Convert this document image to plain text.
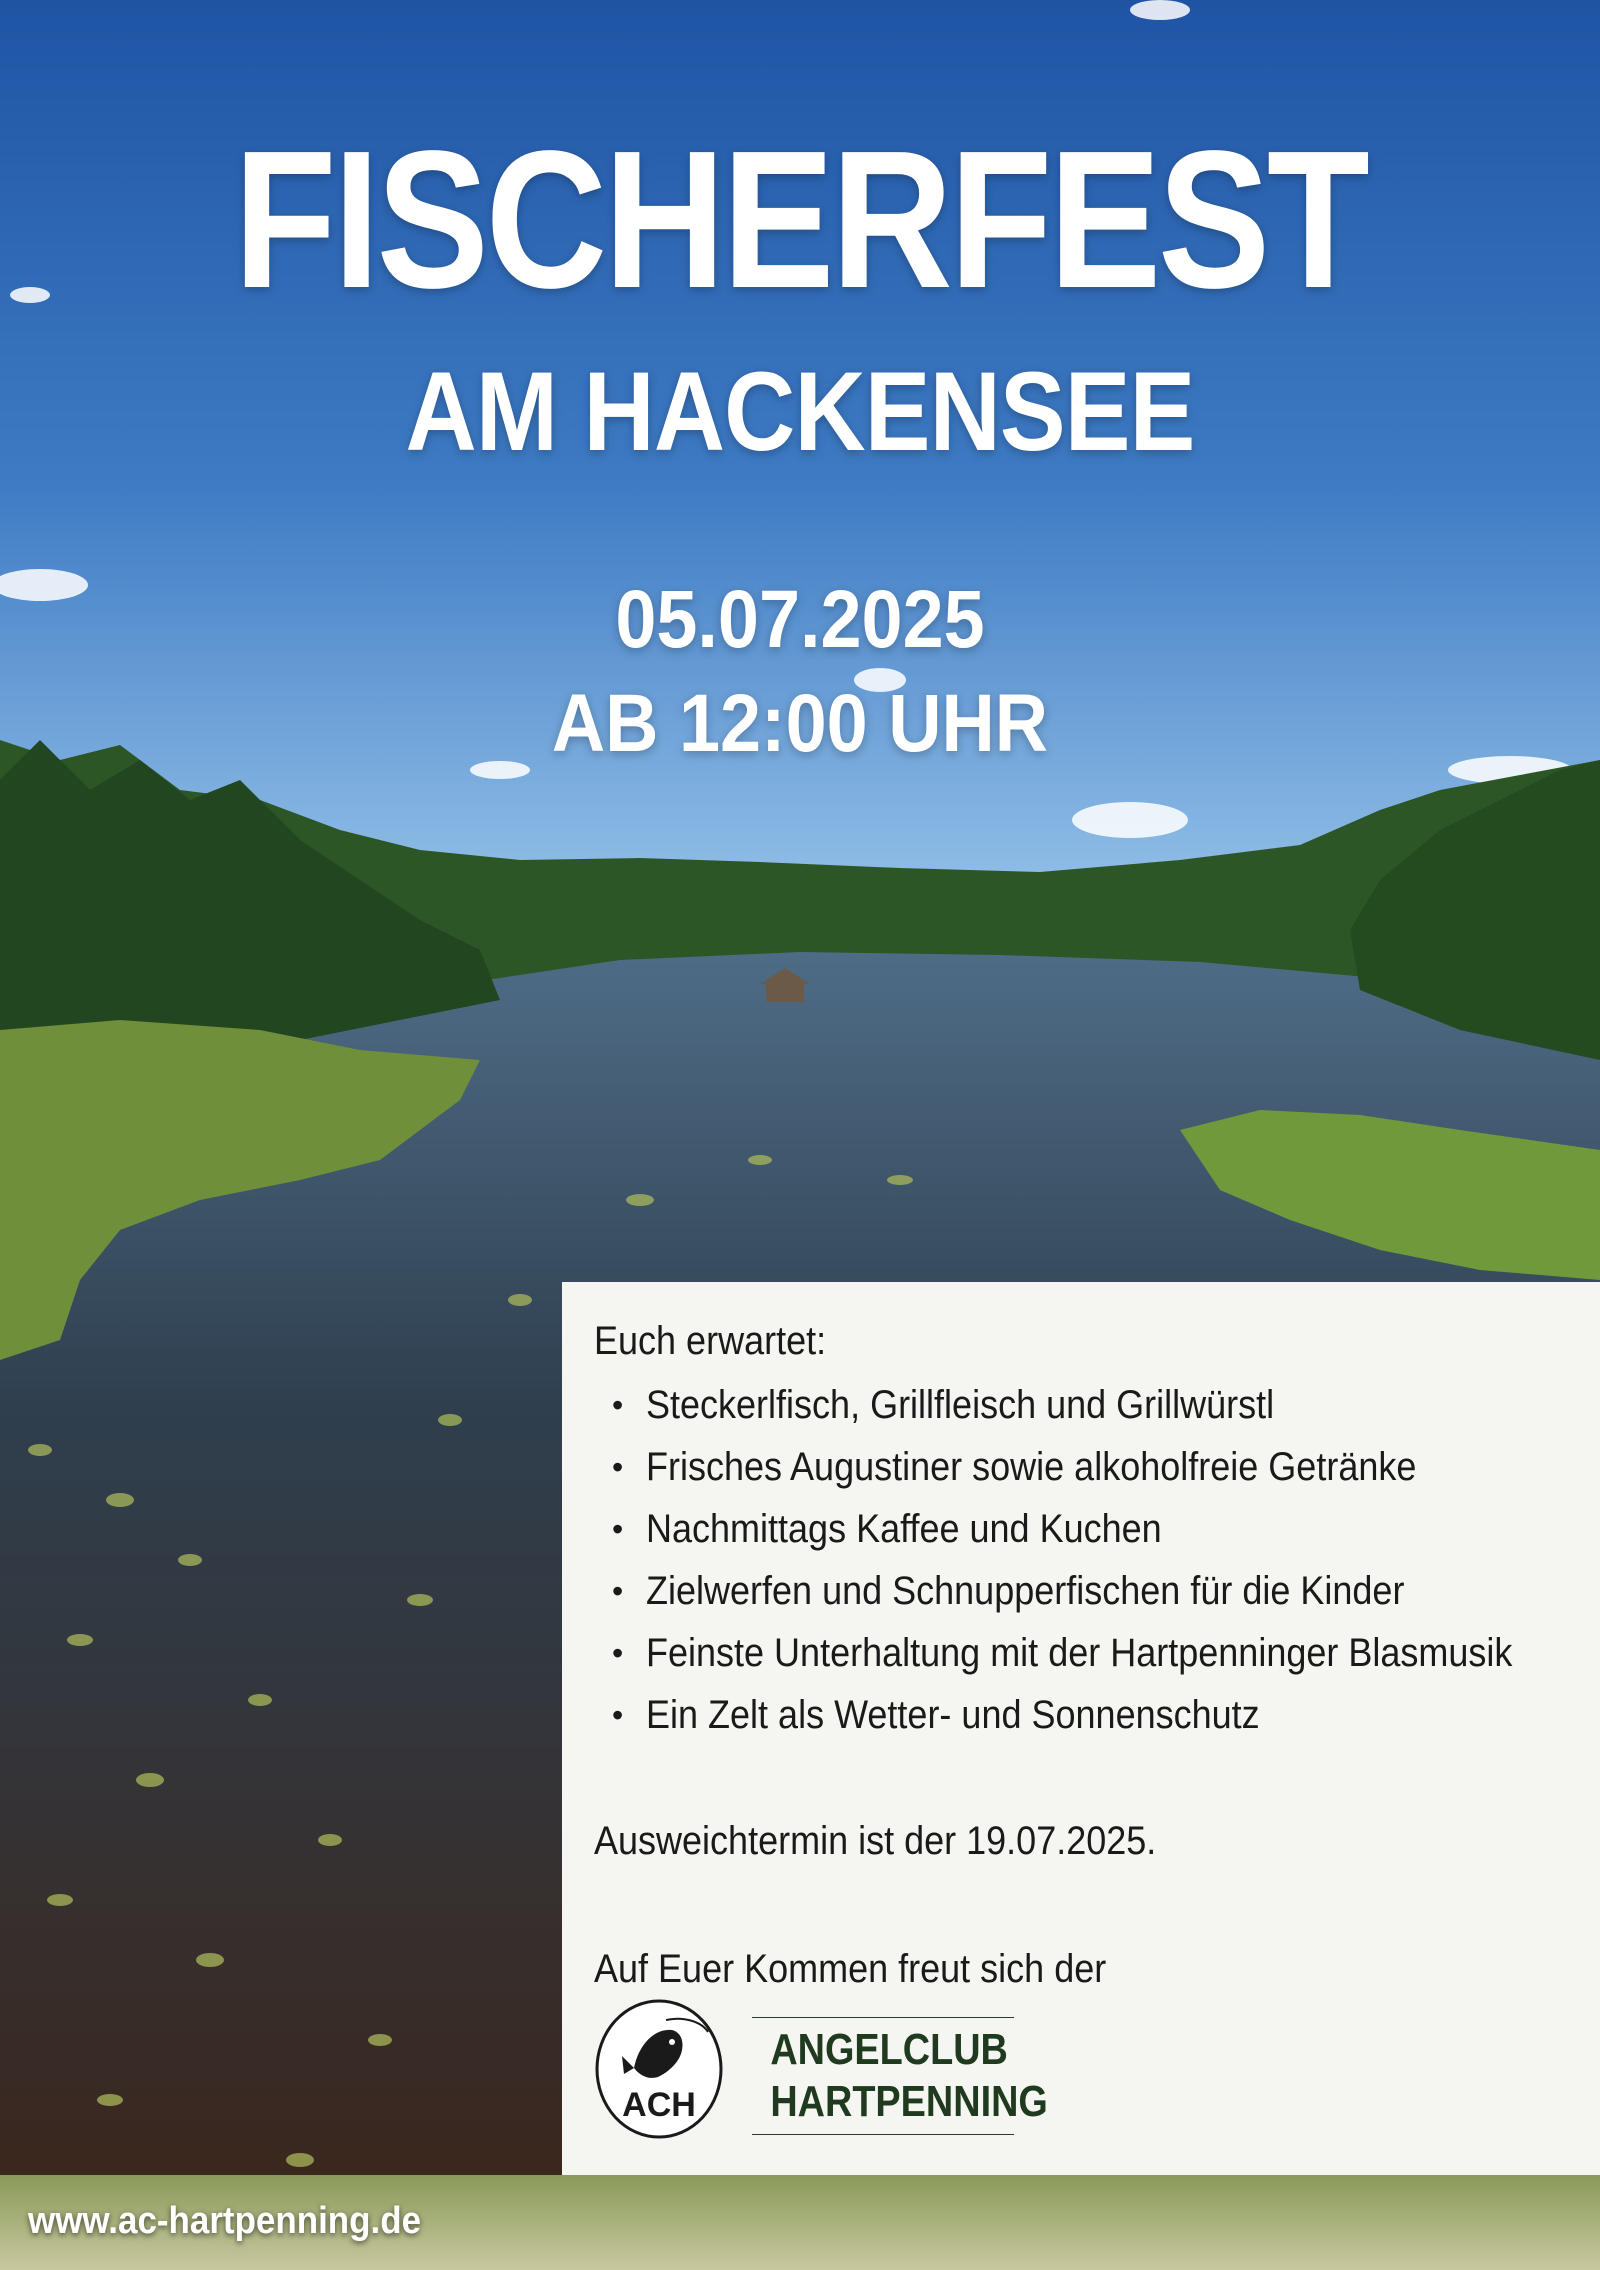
FISCHERFEST
AM HACKENSEE
05.07.2025
AB 12:00 UHR

Euch erwartet:

• Steckerlfisch, Grillfleisch und Grillwürstl
• Frisches Augustiner sowie alkoholfreie Getränke
• Nachmittags Kaffee und Kuchen
• Zielwerfen und Schnupperfischen für die Kinder
• Feinste Unterhaltung mit der Hartpenninger Blasmusik
• Ein Zelt als Wetter- und Sonnenschutz

Ausweichtermin ist der 19.07.2025.

Auf Euer Kommen freut sich der

ACH
ANGELCLUB
HARTPENNING
www.ac-hartpenning.de
